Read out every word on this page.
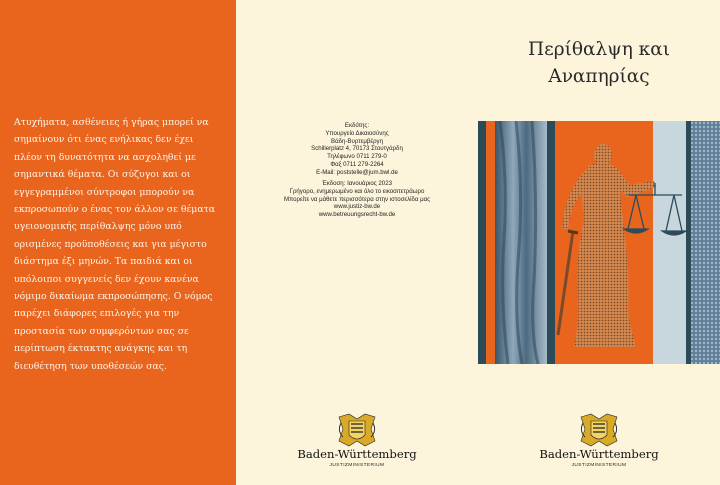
Ατυχήματα, ασθένειες ή γήρας μπορεί να σημαίνουν ότι ένας ενήλικας δεν έχει πλέον τη δυνατότητα να ασχοληθεί με σημαντικά θέματα. Οι σύζυγοι και οι εγγεγραμμένοι σύντροφοι μπορούν να εκπροσωπούν ο ένας τον άλλον σε θέματα υγειονομικής περίθαλψης μόνο υπό ορισμένες προϋποθέσεις και για μέγιστο διάστημα έξι μηνών. Τα παιδιά και οι υπόλοιποι συγγενείς δεν έχουν κανένα νόμιμο δικαίωμα εκπροσώπησης. Ο νόμος παρέχει διάφορες επιλογές για την προστασία των συμφερόντων σας σε περίπτωση έκτακτης ανάγκης και τη διευθέτηση των υποθέσεών σας.

Εκδότης:
Υπουργείο Δικαιοσύνης
Βάδη-Βυρτεμβέργη
Schillerplatz 4, 70173 Στουτγάρδη
Τηλέφωνο 0711 279-0
Φαξ 0711 279-2264
E-Mail: poststelle@jum.bwl.de
Έκδοση: Ιανουάριος 2023
Γρήγορο, ενημερωμένο και όλο το εικοσιτετράωρο
Μπορείτε να μάθετε περισσότερα στην ιστοσελίδα μας
www.justiz-bw.de
www.betreuungsrecht-bw.de
Baden-Württemberg
JUSTIZMINISTERIUM
Περίθαλψη και
Αναπηρίας
Baden-Württemberg
JUSTIZMINISTERIUM
